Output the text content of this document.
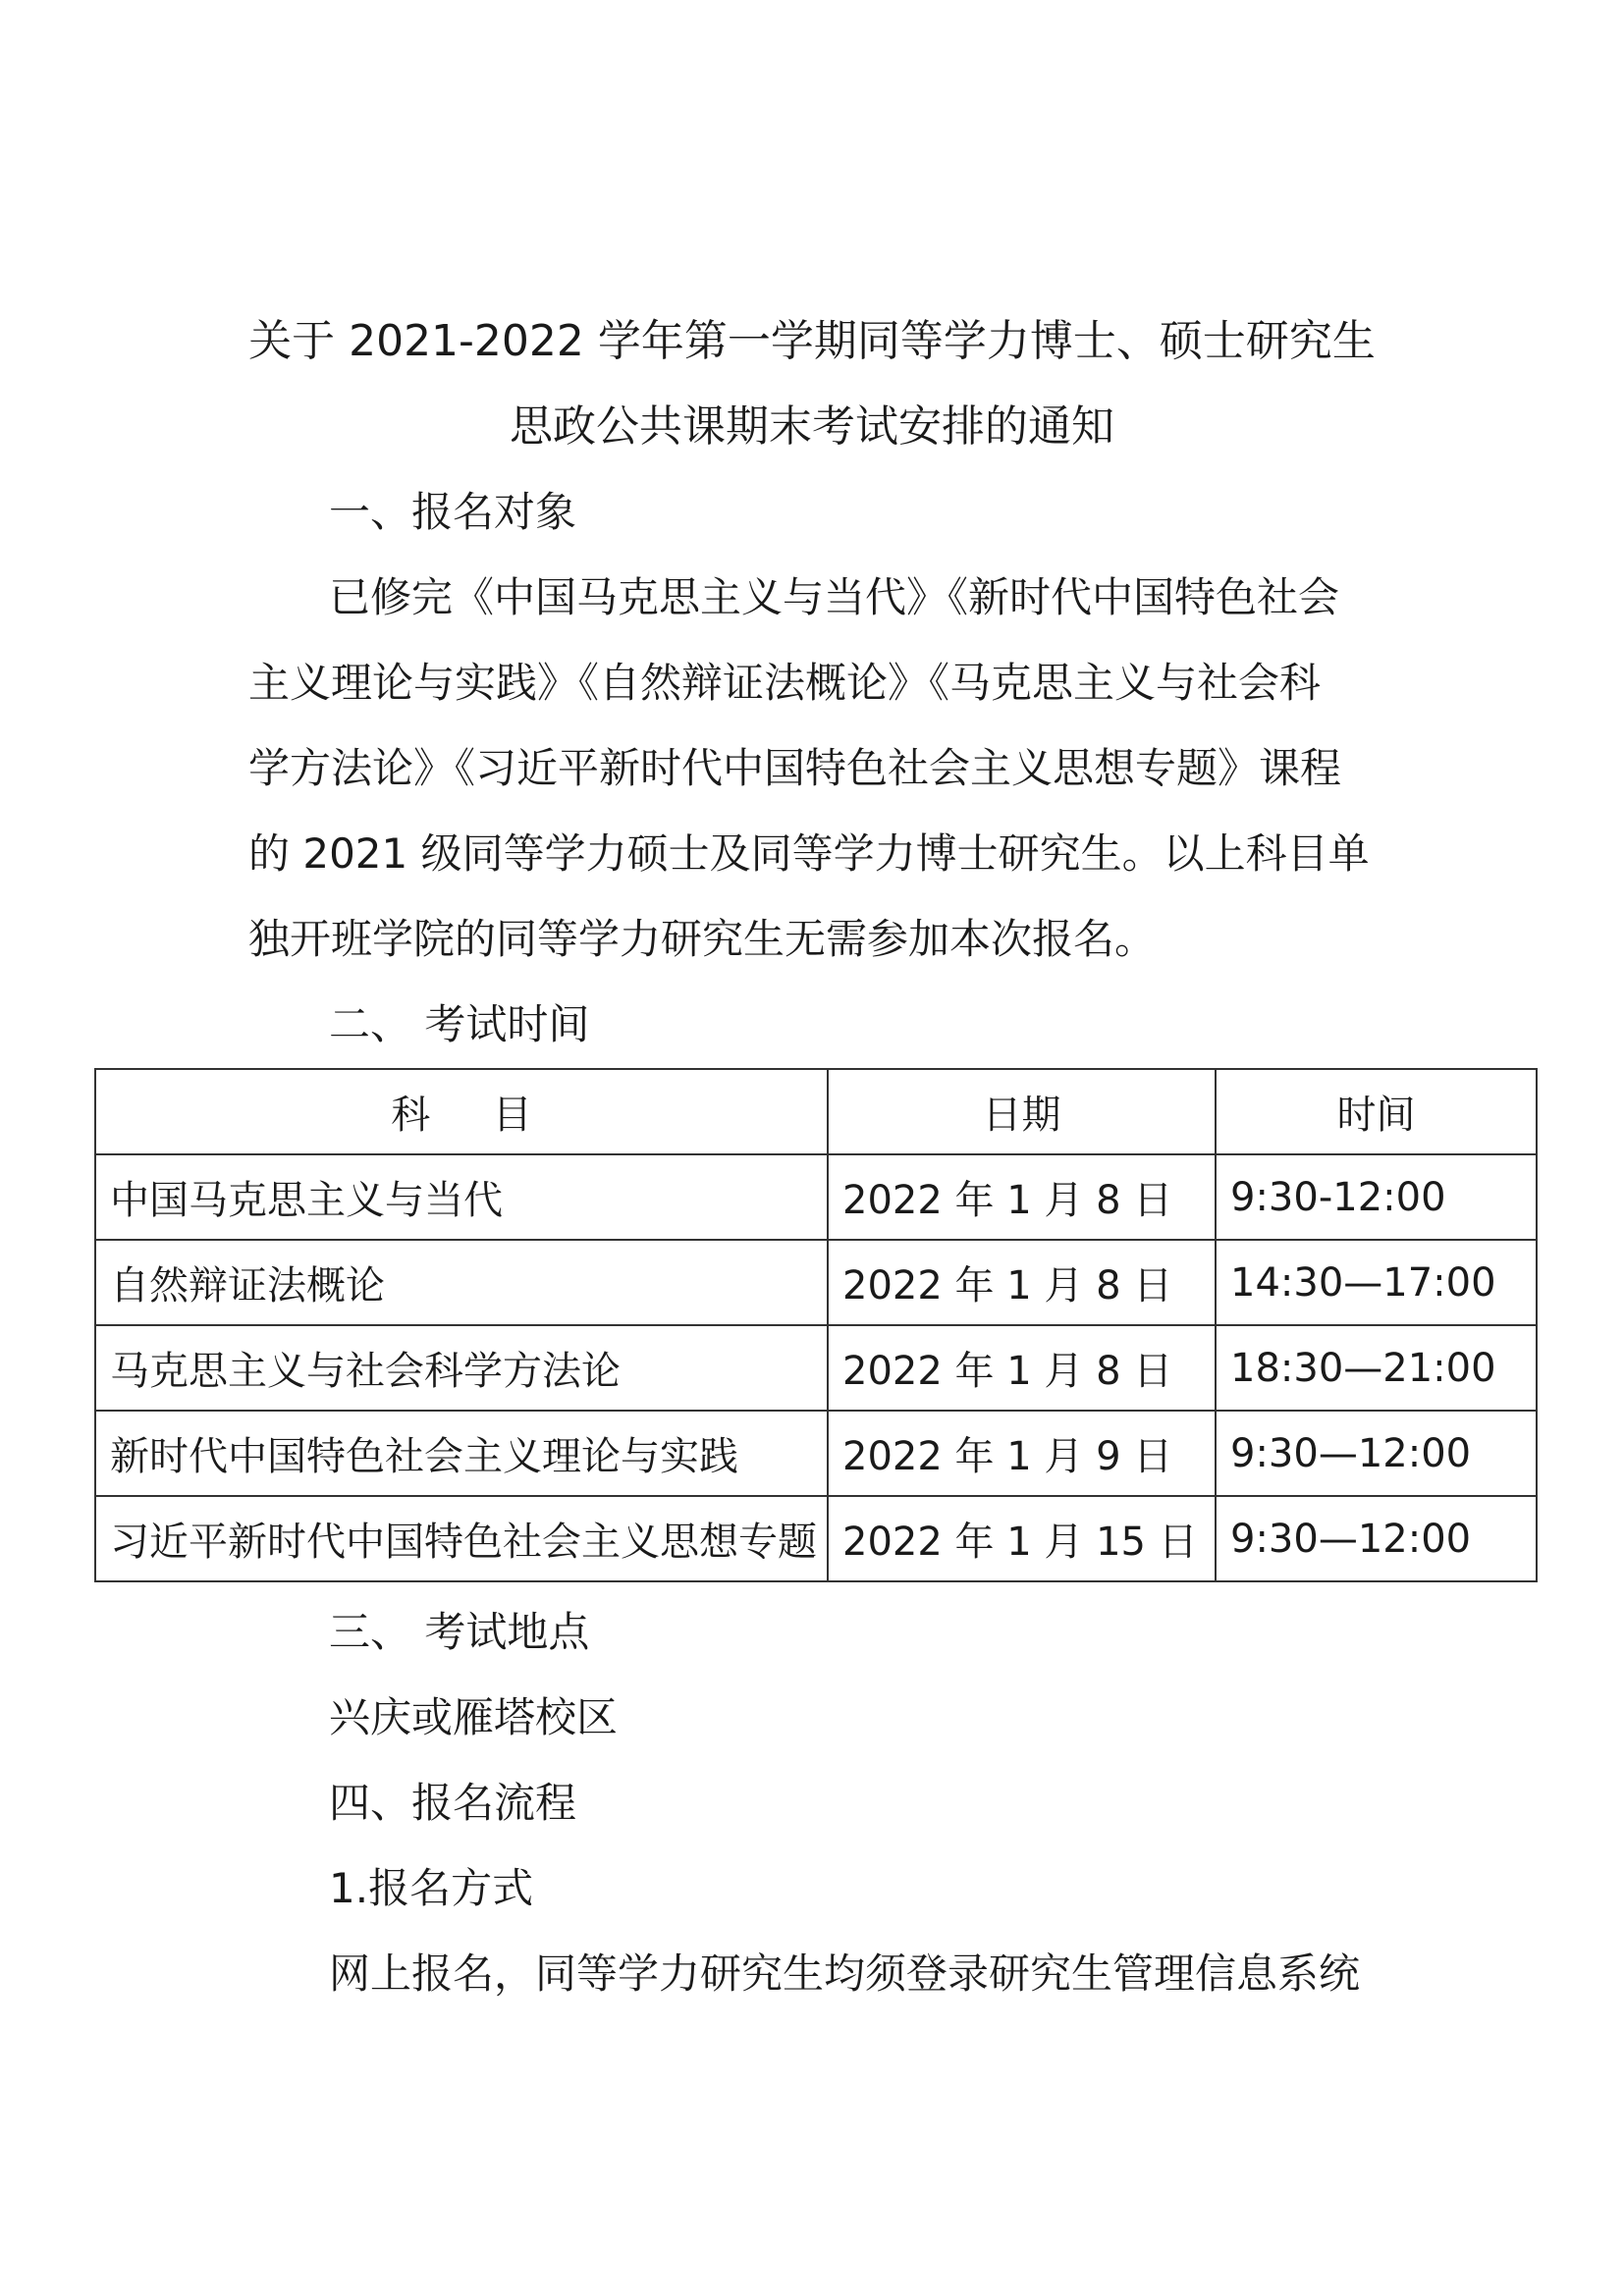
关于 2021-2022 学年第一学期同等学力博士、硕士研究生
思政公共课期末考试安排的通知
一、报名对象
已修完《中国马克思主义与当代》《新时代中国特色社会
主义理论与实践》《自然辩证法概论》《马克思主义与社会科
学方法论》《习近平新时代中国特色社会主义思想专题》课程
的 2021 级同等学力硕士及同等学力博士研究生。以上科目单
独开班学院的同等学力研究生无需参加本次报名。
二、 考试时间
科     目	日期	时间
中国马克思主义与当代	2022 年 1 月 8 日	9:30-12:00
自然辩证法概论	2022 年 1 月 8 日	14:30—17:00
马克思主义与社会科学方法论	2022 年 1 月 8 日	18:30—21:00
新时代中国特色社会主义理论与实践	2022 年 1 月 9 日	9:30—12:00
习近平新时代中国特色社会主义思想专题	2022 年 1 月 15 日	9:30—12:00
三、 考试地点
兴庆或雁塔校区
四、报名流程
1.报名方式
网上报名，同等学力研究生均须登录研究生管理信息系统
